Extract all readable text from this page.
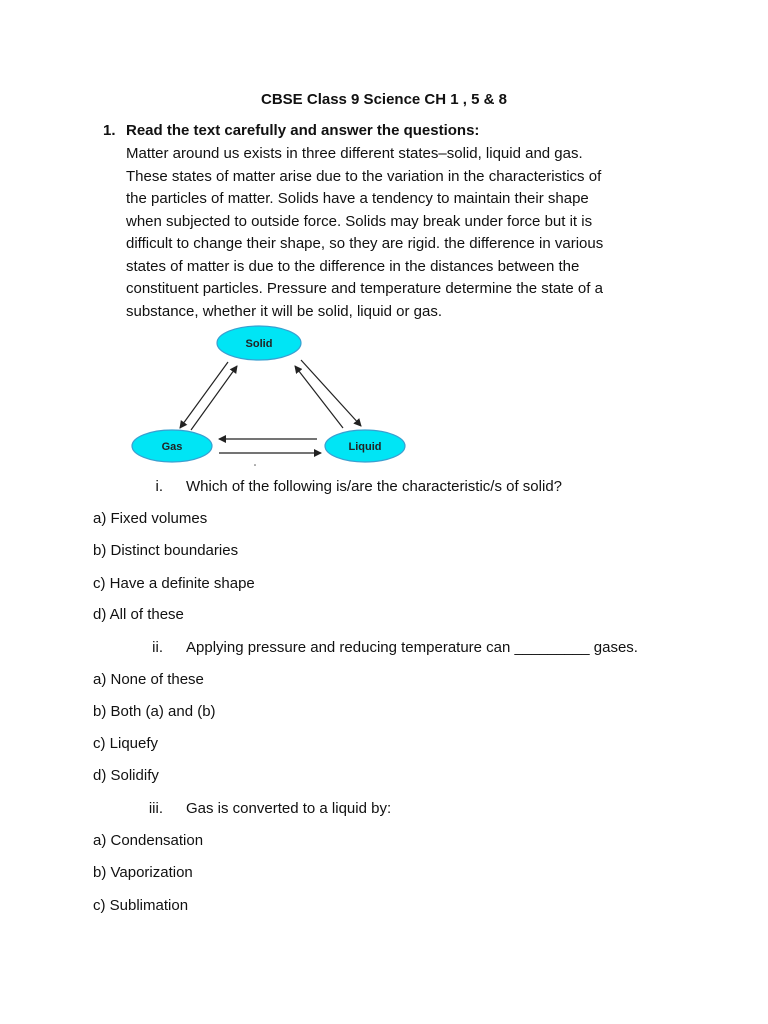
CBSE Class 9 Science CH 1 , 5 & 8
1. Read the text carefully and answer the questions:
Matter around us exists in three different states–solid, liquid and gas.
These states of matter arise due to the variation in the characteristics of
the particles of matter. Solids have a tendency to maintain their shape
when subjected to outside force. Solids may break under force but it is
difficult to change their shape, so they are rigid. the difference in various
states of matter is due to the difference in the distances between the
constituent particles. Pressure and temperature determine the state of a
substance, whether it will be solid, liquid or gas.
Solid
Gas	Liquid
i. Which of the following is/are the characteristic/s of solid?
a) Fixed volumes
b) Distinct boundaries
c) Have a definite shape
d) All of these
ii. Applying pressure and reducing temperature can _________ gases.
a) None of these
b) Both (a) and (b)
c) Liquefy
d) Solidify
iii. Gas is converted to a liquid by:
a) Condensation
b) Vaporization
c) Sublimation
